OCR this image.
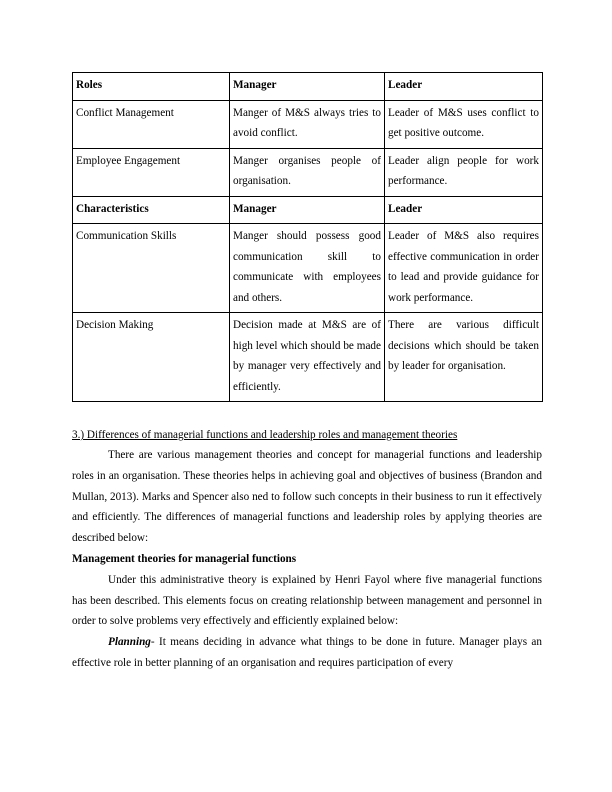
Roles	Manager	Leader
Conflict Management	Manger of M&S always tries to avoid conflict.	Leader of M&S uses conflict to get positive outcome.
Employee Engagement	Manger organises people of organisation.	Leader align people for work performance.
Characteristics	Manager	Leader
Communication Skills	Manger should possess good communication skill to communicate with employees and others.	Leader of M&S also requires effective communication in order to lead and provide guidance for work performance.
Decision Making	Decision made at M&S are of high level which should be made by manager very effectively and efficiently.	There are various difficult decisions which should be taken by leader for organisation.
3.) Differences of managerial functions and leadership roles and management theories

There are various management theories and concept for managerial functions and leadership roles in an organisation. These theories helps in achieving goal and objectives of business (Brandon and Mullan, 2013). Marks and Spencer also ned to follow such concepts in their business to run it effectively and efficiently. The differences of managerial functions and leadership roles by applying theories are described below:

Management theories for managerial functions

Under this administrative theory is explained by Henri Fayol where five managerial functions has been described. This elements focus on creating relationship between management and personnel in order to solve problems very effectively and efficiently explained below:

Planning- It means deciding in advance what things to be done in future. Manager plays an effective role in better planning of an organisation and requires participation of every
